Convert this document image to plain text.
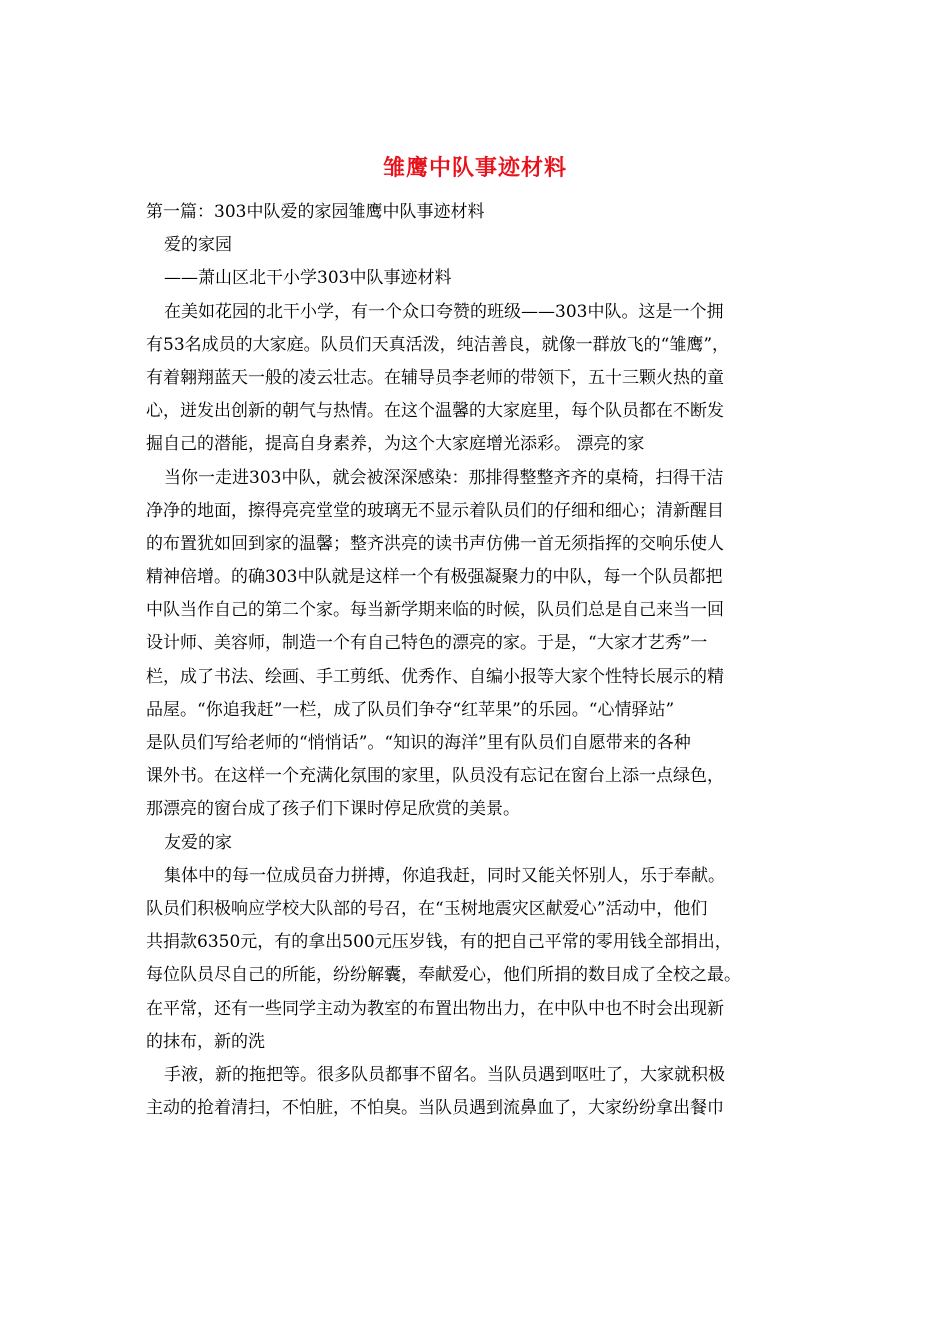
雏鹰中队事迹材料
第一篇：303中队爱的家园雏鹰中队事迹材料
爱的家园
——萧山区北干小学303中队事迹材料
在美如花园的北干小学，有一个众口夸赞的班级——303中队。这是一个拥
有53名成员的大家庭。队员们天真活泼，纯洁善良，就像一群放飞的“雏鹰”，
有着翱翔蓝天一般的凌云壮志。在辅导员李老师的带领下，五十三颗火热的童
心，迸发出创新的朝气与热情。在这个温馨的大家庭里，每个队员都在不断发
掘自己的潜能，提高自身素养，为这个大家庭增光添彩。 漂亮的家
当你一走进303中队，就会被深深感染：那排得整整齐齐的桌椅，扫得干洁
净净的地面，擦得亮亮堂堂的玻璃无不显示着队员们的仔细和细心；清新醒目
的布置犹如回到家的温馨；整齐洪亮的读书声仿佛一首无须指挥的交响乐使人
精神倍增。的确303中队就是这样一个有极强凝聚力的中队，每一个队员都把
中队当作自己的第二个家。每当新学期来临的时候，队员们总是自己来当一回
设计师、美容师，制造一个有自己特色的漂亮的家。于是，“大家才艺秀”一
栏，成了书法、绘画、手工剪纸、优秀作、自编小报等大家个性特长展示的精
品屋。“你追我赶”一栏，成了队员们争夺“红苹果”的乐园。“心情驿站”
是队员们写给老师的“悄悄话”。“知识的海洋”里有队员们自愿带来的各种
课外书。在这样一个充满化氛围的家里，队员没有忘记在窗台上添一点绿色，
那漂亮的窗台成了孩子们下课时停足欣赏的美景。
友爱的家
集体中的每一位成员奋力拼搏，你追我赶，同时又能关怀别人，乐于奉献。
队员们积极响应学校大队部的号召，在“玉树地震灾区献爱心”活动中，他们
共捐款6350元，有的拿出500元压岁钱，有的把自己平常的零用钱全部捐出，
每位队员尽自己的所能，纷纷解囊，奉献爱心，他们所捐的数目成了全校之最。
在平常，还有一些同学主动为教室的布置出物出力，在中队中也不时会出现新
的抹布，新的洗
手液，新的拖把等。很多队员都事不留名。当队员遇到呕吐了，大家就积极
主动的抢着清扫，不怕脏，不怕臭。当队员遇到流鼻血了，大家纷纷拿出餐巾
